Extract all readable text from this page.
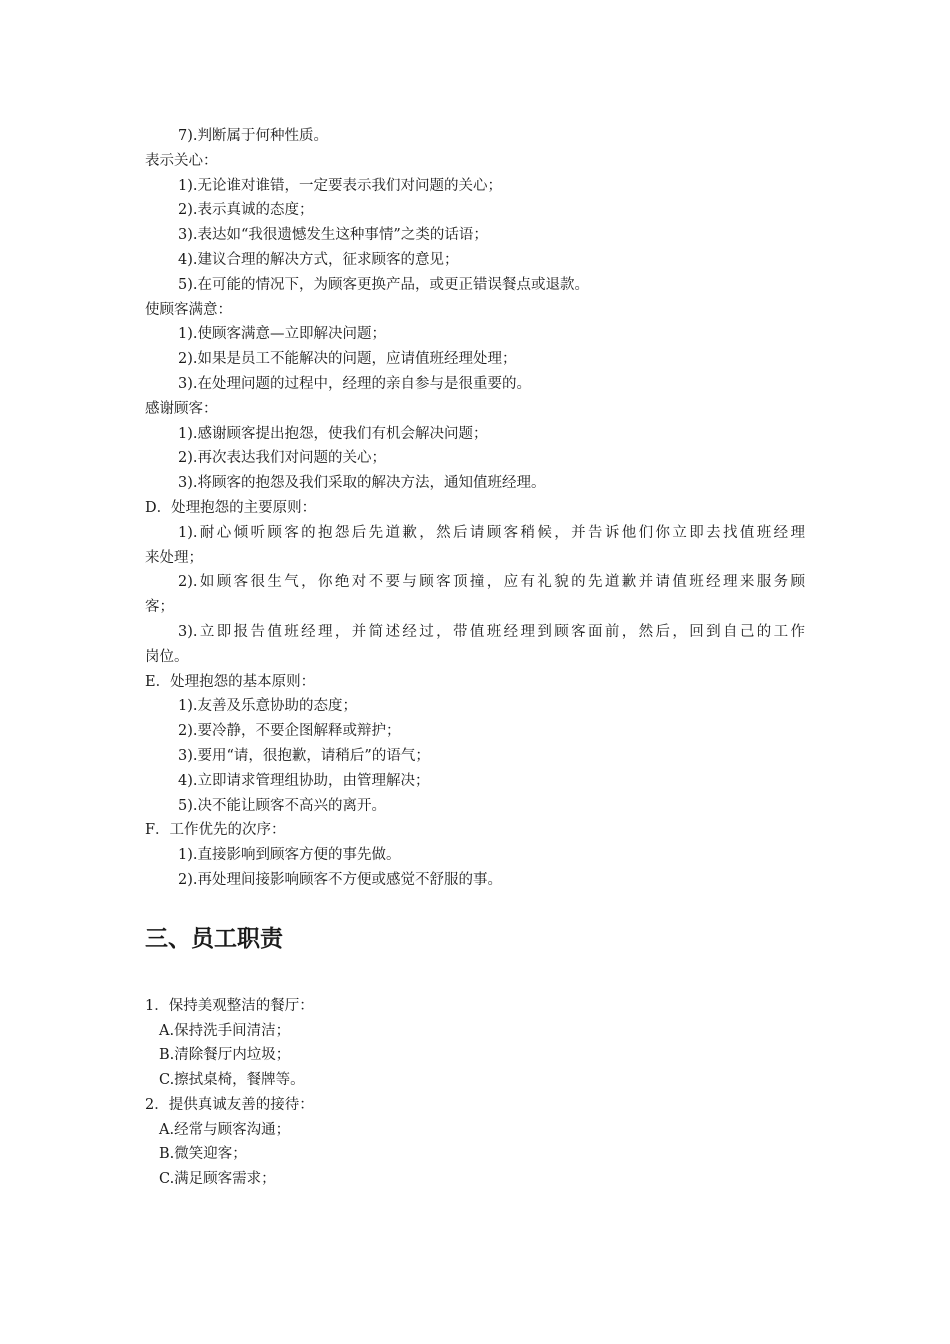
7).判断属于何种性质。
表示关心：
1).无论谁对谁错，一定要表示我们对问题的关心；
2).表示真诚的态度；
3).表达如“我很遗憾发生这种事情”之类的话语；
4).建议合理的解决方式，征求顾客的意见；
5).在可能的情况下，为顾客更换产品，或更正错误餐点或退款。
使顾客满意：
1).使顾客满意—立即解决问题；
2).如果是员工不能解决的问题，应请值班经理处理；
3).在处理问题的过程中，经理的亲自参与是很重要的。
感谢顾客：
1).感谢顾客提出抱怨，使我们有机会解决问题；
2).再次表达我们对问题的关心；
3).将顾客的抱怨及我们采取的解决方法，通知值班经理。
D．处理抱怨的主要原则：
1).耐心倾听顾客的抱怨后先道歉，然后请顾客稍候，并告诉他们你立即去找值班经理
来处理；
2).如顾客很生气，你绝对不要与顾客顶撞，应有礼貌的先道歉并请值班经理来服务顾
客；
3).立即报告值班经理，并简述经过，带值班经理到顾客面前，然后，回到自己的工作
岗位。
E．处理抱怨的基本原则：
1).友善及乐意协助的态度；
2).要冷静，不要企图解释或辩护；
3).要用“请，很抱歉，请稍后”的语气；
4).立即请求管理组协助，由管理解决；
5).决不能让顾客不高兴的离开。
F．工作优先的次序：
1).直接影响到顾客方便的事先做。
2).再处理间接影响顾客不方便或感觉不舒服的事。
三、员工职责
1．保持美观整洁的餐厅：
A.保持洗手间清洁；
B.清除餐厅内垃圾；
C.擦拭桌椅，餐牌等。
2．提供真诚友善的接待：
A.经常与顾客沟通；
B.微笑迎客；
C.满足顾客需求；
